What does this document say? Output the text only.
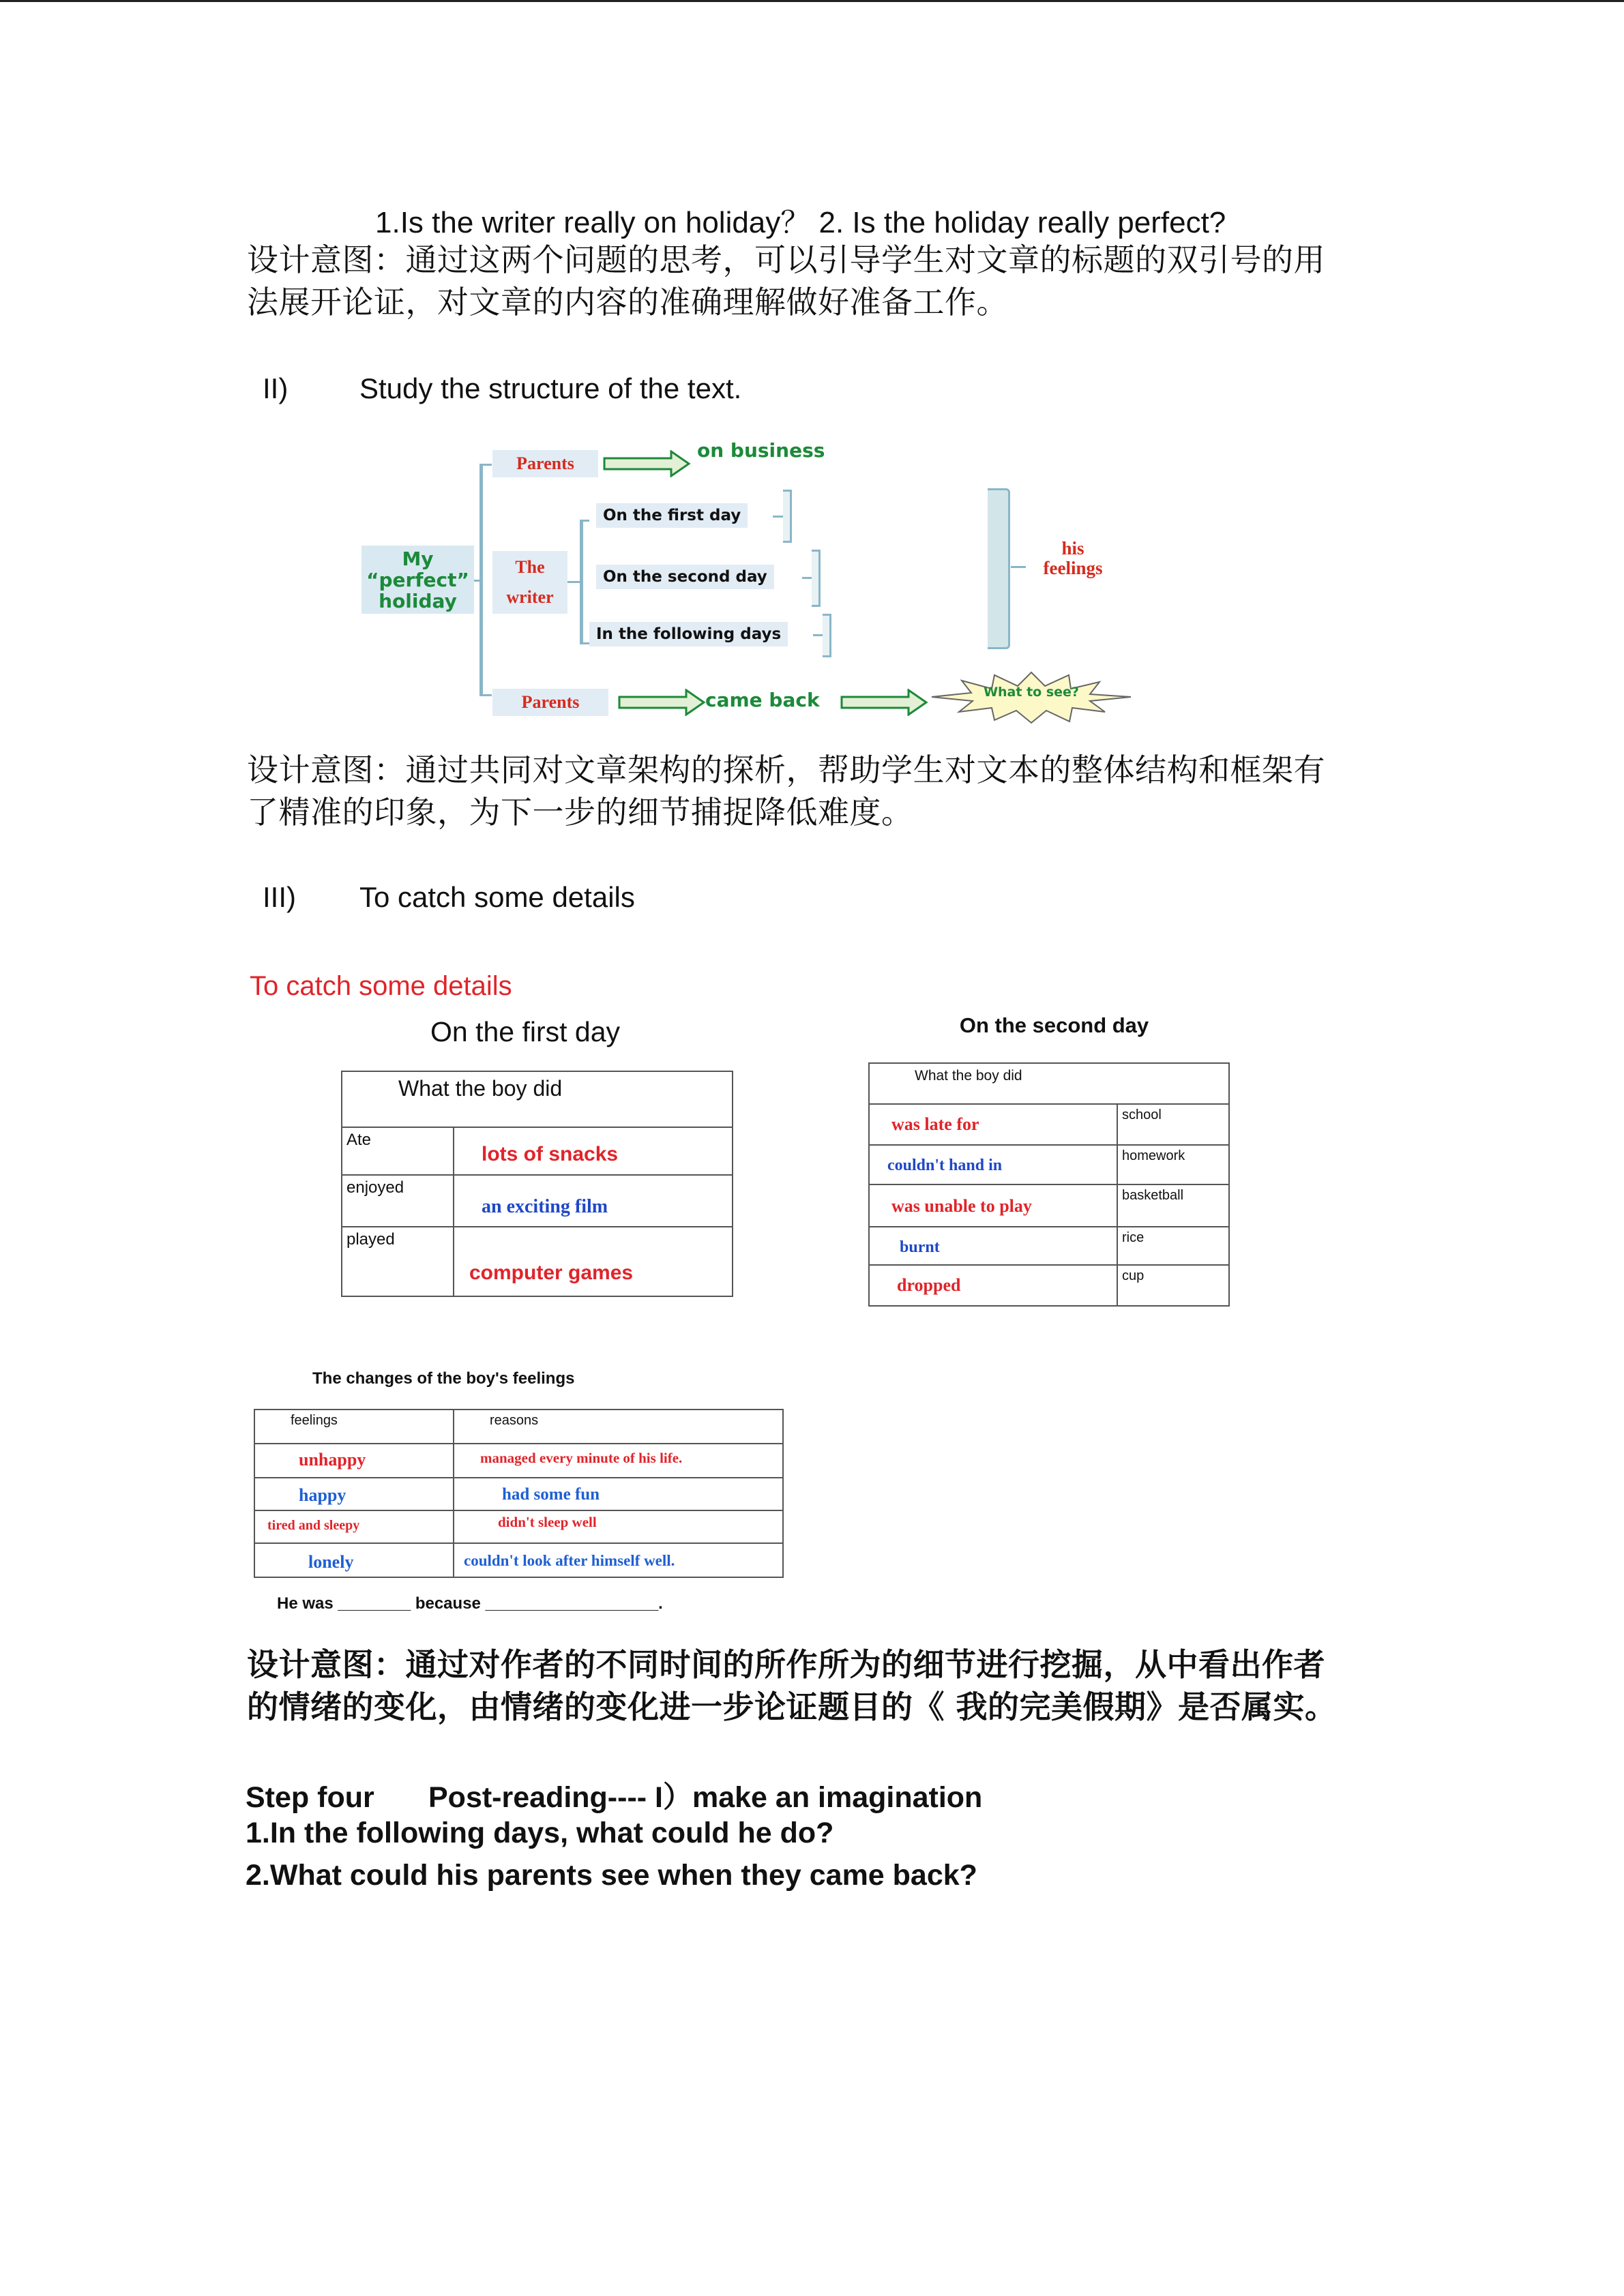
1.Is the writer really on holiday？ 2. Is the holiday really perfect?
设计意图：通过这两个问题的思考，可以引导学生对文章的标题的双引号的用
法展开论证，对文章的内容的准确理解做好准备工作。
II) Study the structure of the text.
My
“perfect”
holiday
Parents
on business
The
writer
On the first day
On the second day
In the following days
his
feelings
Parents	came back	What to see?
设计意图：通过共同对文章架构的探析，帮助学生对文本的整体结构和框架有
了精准的印象，为下一步的细节捕捉降低难度。
III) To catch some details
To catch some details
On the first day
What the boy did	
Ate	lots of snacks
enjoyed	an exciting film
played	computer games
On the second day
What the boy did	
was late for	school
couldn't hand in	homework
was unable to play	basketball
burnt	rice
dropped	cup
The changes of the boy's feelings
feelings	reasons
unhappy	managed every minute of his life.
happy	had some fun
tired and sleepy	didn't sleep well
lonely	couldn't look after himself well.
He was ________ because ___________________.
设计意图：通过对作者的不同时间的所作所为的细节进行挖掘，从中看出作者
的情绪的变化，由情绪的变化进一步论证题目的《 我的完美假期》是否属实。
Step four Post-reading---- I）make an imagination
1.In the following days, what could he do?
2.What could his parents see when they came back?
